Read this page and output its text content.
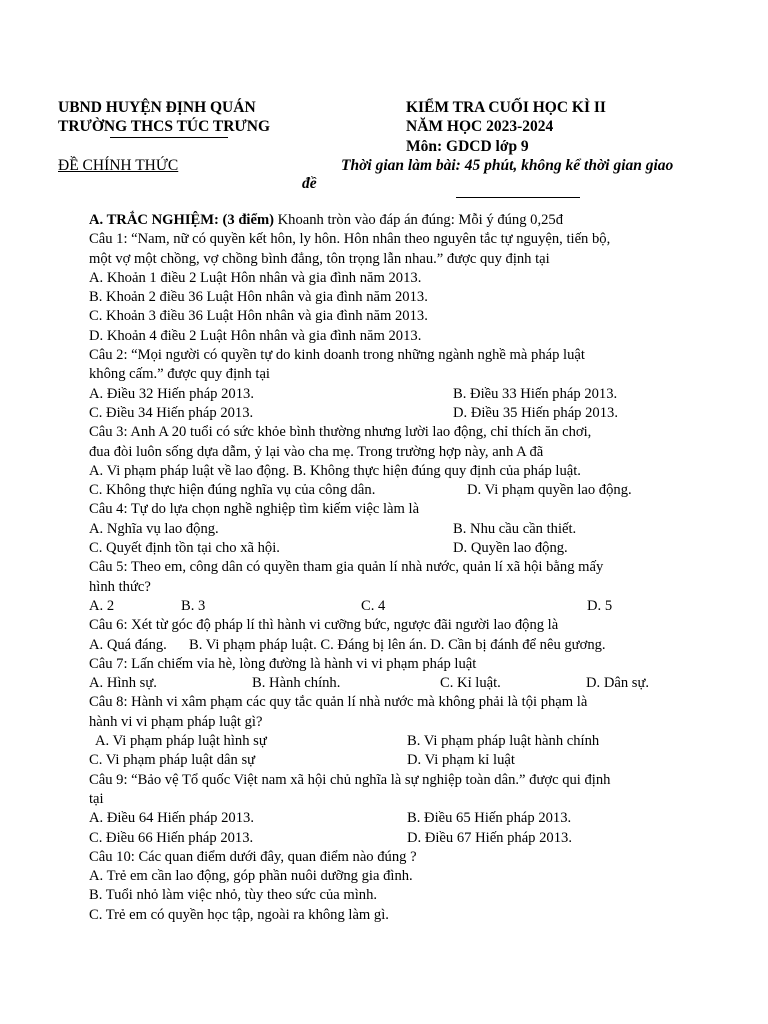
UBND HUYỆN ĐỊNH QUÁN
TRƯỜNG THCS TÚC TRƯNG
ĐỀ CHÍNH THỨC
KIỂM TRA CUỐI HỌC KÌ II
NĂM HỌC 2023-2024
Môn: GDCD lớp 9
Thời gian làm bài: 45 phút, không kể thời gian giao
đề
A. TRẮC NGHIỆM: (3 điểm) Khoanh tròn vào đáp án đúng: Mỗi ý đúng 0,25đ
Câu 1: “Nam, nữ có quyền kết hôn, ly hôn. Hôn nhân theo nguyên tắc tự nguyện, tiến bộ,
một vợ một chồng, vợ chồng bình đẳng, tôn trọng lẫn nhau.” được quy định tại
A. Khoản 1 điều 2 Luật Hôn nhân và gia đình năm 2013.
B. Khoản 2 điều 36 Luật Hôn nhân và gia đình năm 2013.
C. Khoản 3 điều 36 Luật Hôn nhân và gia đình năm 2013.
D. Khoản 4 điều 2 Luật Hôn nhân và gia đình năm 2013.
Câu 2: “Mọi người có quyền tự do kinh doanh trong những ngành nghề mà pháp luật
không cấm.” được quy định tại
A. Điều 32 Hiến pháp 2013.	B. Điều 33 Hiến pháp 2013.
C. Điều 34 Hiến pháp 2013.	D. Điều 35 Hiến pháp 2013.
Câu 3: Anh A 20 tuổi có sức khỏe bình thường nhưng lười lao động, chỉ thích ăn chơi,
đua đòi luôn sống dựa dẫm, ỷ lại vào cha mẹ. Trong trường hợp này, anh A đã
A. Vi phạm pháp luật về lao động. B. Không thực hiện đúng quy định của pháp luật.
C. Không thực hiện đúng nghĩa vụ của công dân.	D. Vi phạm quyền lao động.
Câu 4: Tự do lựa chọn nghề nghiệp tìm kiếm việc làm là
A. Nghĩa vụ lao động.	B. Nhu cầu cần thiết.
C. Quyết định tồn tại cho xã hội.	D. Quyền lao động.
Câu 5: Theo em, công dân có quyền tham gia quản lí nhà nước, quản lí xã hội bằng mấy
hình thức?
A. 2	B. 3	C. 4	D. 5
Câu 6: Xét từ góc độ pháp lí thì hành vi cưỡng bức, ngược đãi người lao động là
A. Quá đáng. B. Vi phạm pháp luật. C. Đáng bị lên án. D. Cần bị đánh để nêu gương.
Câu 7: Lấn chiếm vỉa hè, lòng đường là hành vi vi phạm pháp luật
A. Hình sự.	B. Hành chính.	C. Kỉ luật.	D. Dân sự.
Câu 8: Hành vi xâm phạm các quy tắc quản lí nhà nước mà không phải là tội phạm là
hành vi vi phạm pháp luật gì?
A. Vi phạm pháp luật hình sự	B. Vi phạm pháp luật hành chính
C. Vi phạm pháp luật dân sự	D. Vi phạm kỉ luật
Câu 9: “Bảo vệ Tổ quốc Việt nam xã hội chủ nghĩa là sự nghiệp toàn dân.” được qui định
tại
A. Điều 64 Hiến pháp 2013.	B. Điều 65 Hiến pháp 2013.
C. Điều 66 Hiến pháp 2013.	D. Điều 67 Hiến pháp 2013.
Câu 10: Các quan điểm dưới đây, quan điểm nào đúng ?
A. Trẻ em cần lao động, góp phần nuôi dưỡng gia đình.
B. Tuổi nhỏ làm việc nhỏ, tùy theo sức của mình.
C. Trẻ em có quyền học tập, ngoài ra không làm gì.
